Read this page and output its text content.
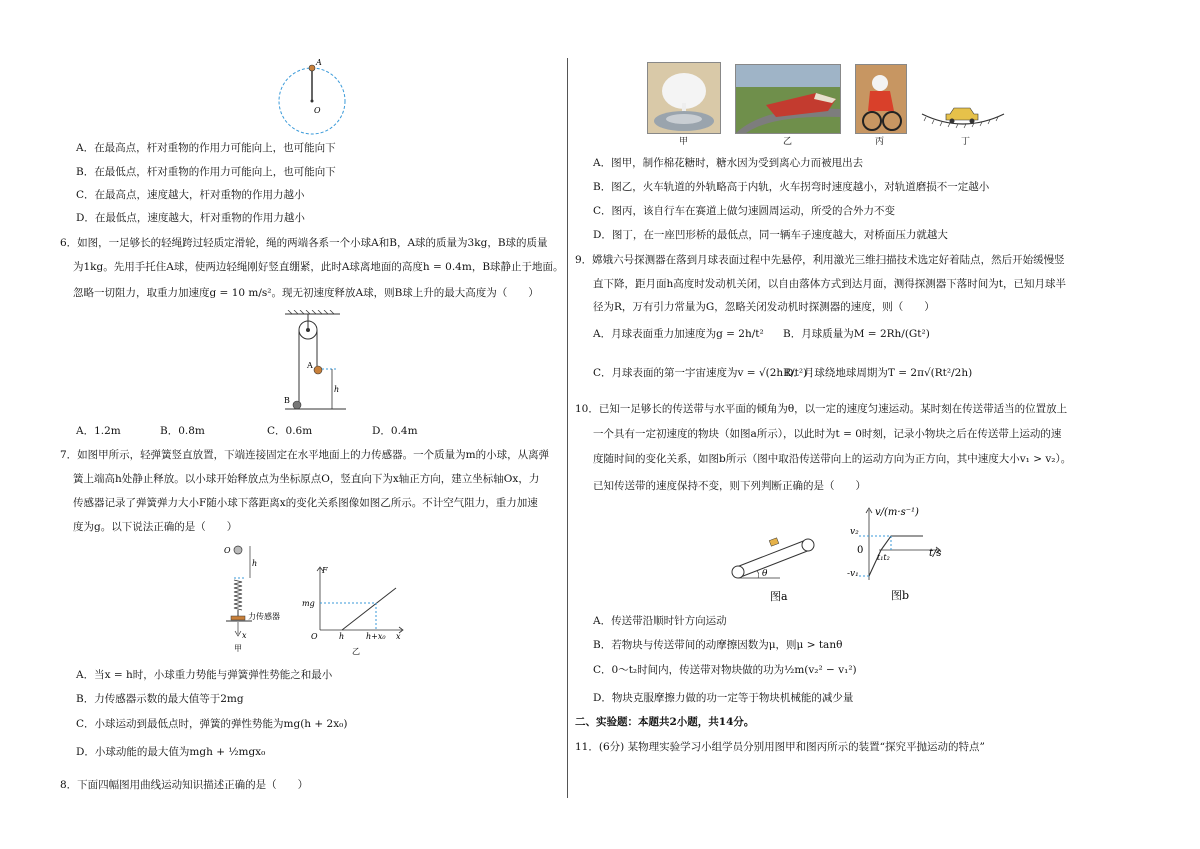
A
O
A．在最高点，杆对重物的作用力可能向上，也可能向下
B．在最低点，杆对重物的作用力可能向上，也可能向下
C．在最高点，速度越大，杆对重物的作用力越小
D．在最低点，速度越大，杆对重物的作用力越小
6．如图，一足够长的轻绳跨过轻质定滑轮，绳的两端各系一个小球A和B，A球的质量为3kg，B球的质量
为1kg。先用手托住A球，使两边轻绳刚好竖直绷紧，此时A球离地面的高度h = 0.4m，B球静止于地面。
忽略一切阻力，取重力加速度g = 10 m/s²。现无初速度释放A球，则B球上升的最大高度为（　　）
A
B
h
A．1.2m	B．0.8m	C．0.6m	D．0.4m
7．如图甲所示，轻弹簧竖直放置，下端连接固定在水平地面上的力传感器。一个质量为m的小球，从离弹
簧上端高h处静止释放。以小球开始释放点为坐标原点O，竖直向下为x轴正方向，建立坐标轴Ox，力
传感器记录了弹簧弹力大小F随小球下落距离x的变化关系图像如图乙所示。不计空气阻力，重力加速
度为g。以下说法正确的是（　　）
O
h
力传感器
x
甲
F
mg
O	h	h+x₀ x
乙
A．当x = h时，小球重力势能与弹簧弹性势能之和最小
B．力传感器示数的最大值等于2mg
C．小球运动到最低点时，弹簧的弹性势能为mg(h + 2x₀)
D．小球动能的最大值为mgh + ½mgx₀
8．下面四幅图用曲线运动知识描述正确的是（　　）
甲	乙	丙	丁
A．图甲，制作棉花糖时，糖水因为受到离心力而被甩出去
B．图乙，火车轨道的外轨略高于内轨，火车拐弯时速度越小，对轨道磨损不一定越小
C．图丙，该自行车在赛道上做匀速圆周运动，所受的合外力不变
D．图丁，在一座凹形桥的最低点，同一辆车子速度越大，对桥面压力就越大
9．嫦娥六号探测器在落到月球表面过程中先悬停，利用激光三维扫描技术选定好着陆点，然后开始缓慢竖
直下降，距月面h高度时发动机关闭，以自由落体方式到达月面，测得探测器下落时间为t，已知月球半
径为R，万有引力常量为G，忽略关闭发动机时探测器的速度，则（　　）
A．月球表面重力加速度为g = 2h/t² B．月球质量为M = 2Rh/(Gt²)
C．月球表面的第一宇宙速度为v = √(2hR/t²)
D．月球绕地球周期为T = 2π√(Rt²/2h)
10．已知一足够长的传送带与水平面的倾角为θ，以一定的速度匀速运动。某时刻在传送带适当的位置放上
一个具有一定初速度的物块（如图a所示），以此时为t = 0时刻，记录小物块之后在传送带上运动的速
度随时间的变化关系，如图b所示（图中取沿传送带向上的运动方向为正方向，其中速度大小v₁ > v₂）。
已知传送带的速度保持不变，则下列判断正确的是（　　）
θ
图a
v/(m·s⁻¹)
v₂
0
-v₁
t₁t₂	t/s
图b
A．传送带沿顺时针方向运动
B．若物块与传送带间的动摩擦因数为μ，则μ > tanθ
C．0～t₂时间内，传送带对物块做的功为½m(v₂² − v₁²)
D．物块克服摩擦力做的功一定等于物块机械能的减少量
二、实验题：本题共2小题，共14分。
11．(6分) 某物理实验学习小组学员分别用图甲和图丙所示的装置“探究平抛运动的特点”
